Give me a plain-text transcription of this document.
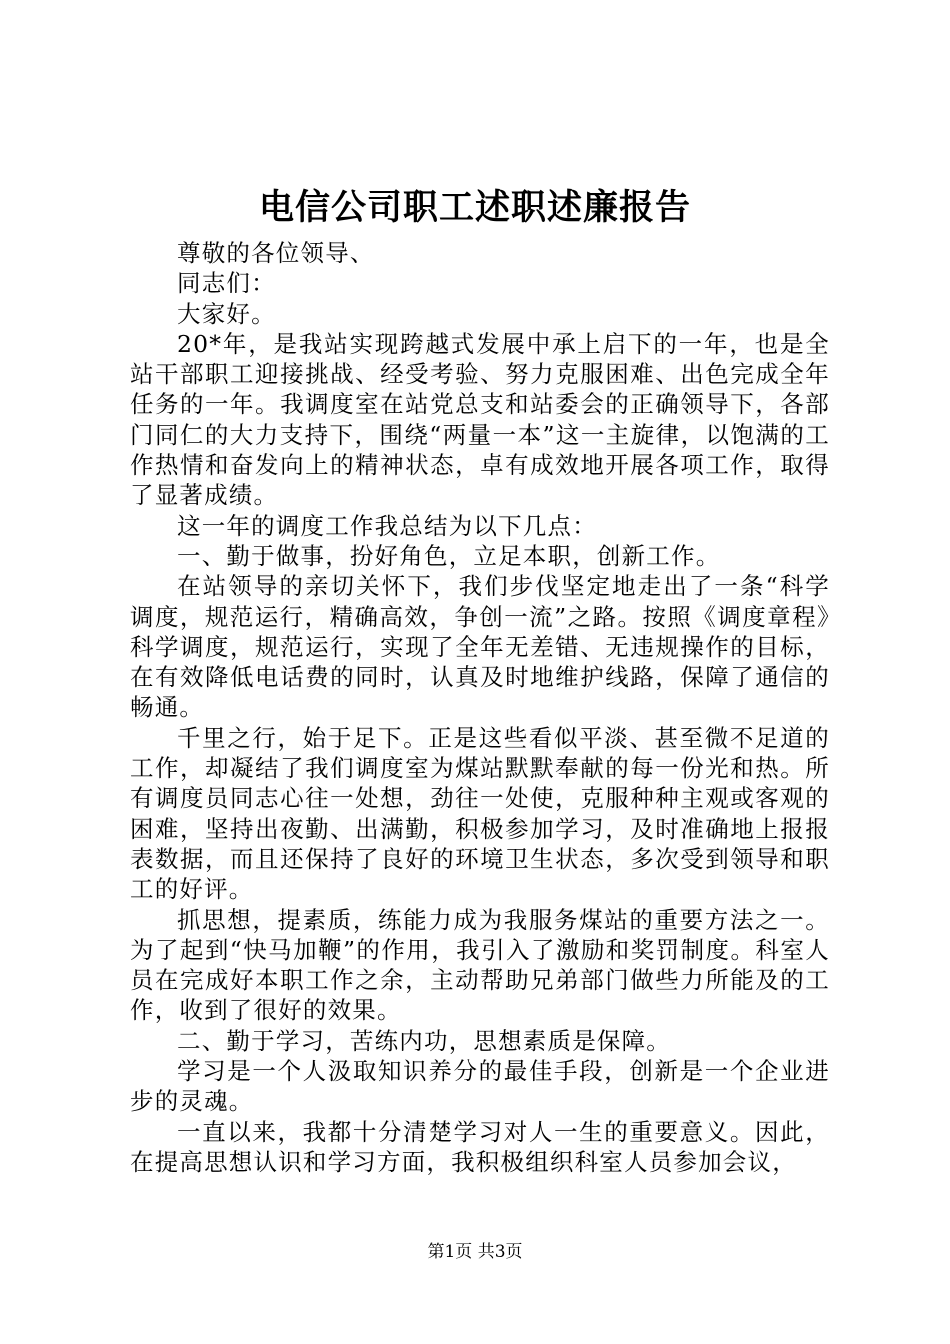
电信公司职工述职述廉报告

尊敬的各位领导、

同志们：

大家好。

20*年，是我站实现跨越式发展中承上启下的一年，也是全站干部职工迎接挑战、经受考验、努力克服困难、出色完成全年任务的一年。我调度室在站党总支和站委会的正确领导下，各部门同仁的大力支持下，围绕“两量一本”这一主旋律，以饱满的工作热情和奋发向上的精神状态，卓有成效地开展各项工作，取得了显著成绩。

这一年的调度工作我总结为以下几点：

一、勤于做事，扮好角色，立足本职，创新工作。

在站领导的亲切关怀下，我们步伐坚定地走出了一条“科学调度，规范运行，精确高效，争创一流”之路。按照《调度章程》科学调度，规范运行，实现了全年无差错、无违规操作的目标，在有效降低电话费的同时，认真及时地维护线路，保障了通信的畅通。

千里之行，始于足下。正是这些看似平淡、甚至微不足道的工作，却凝结了我们调度室为煤站默默奉献的每一份光和热。所有调度员同志心往一处想，劲往一处使，克服种种主观或客观的困难，坚持出夜勤、出满勤，积极参加学习，及时准确地上报报表数据，而且还保持了良好的环境卫生状态，多次受到领导和职工的好评。

抓思想，提素质，练能力成为我服务煤站的重要方法之一。为了起到“快马加鞭”的作用，我引入了激励和奖罚制度。科室人员在完成好本职工作之余，主动帮助兄弟部门做些力所能及的工作，收到了很好的效果。

二、勤于学习，苦练内功，思想素质是保障。

学习是一个人汲取知识养分的最佳手段，创新是一个企业进步的灵魂。

一直以来，我都十分清楚学习对人一生的重要意义。因此，在提高思想认识和学习方面，我积极组织科室人员参加会议，

第1页 共3页
